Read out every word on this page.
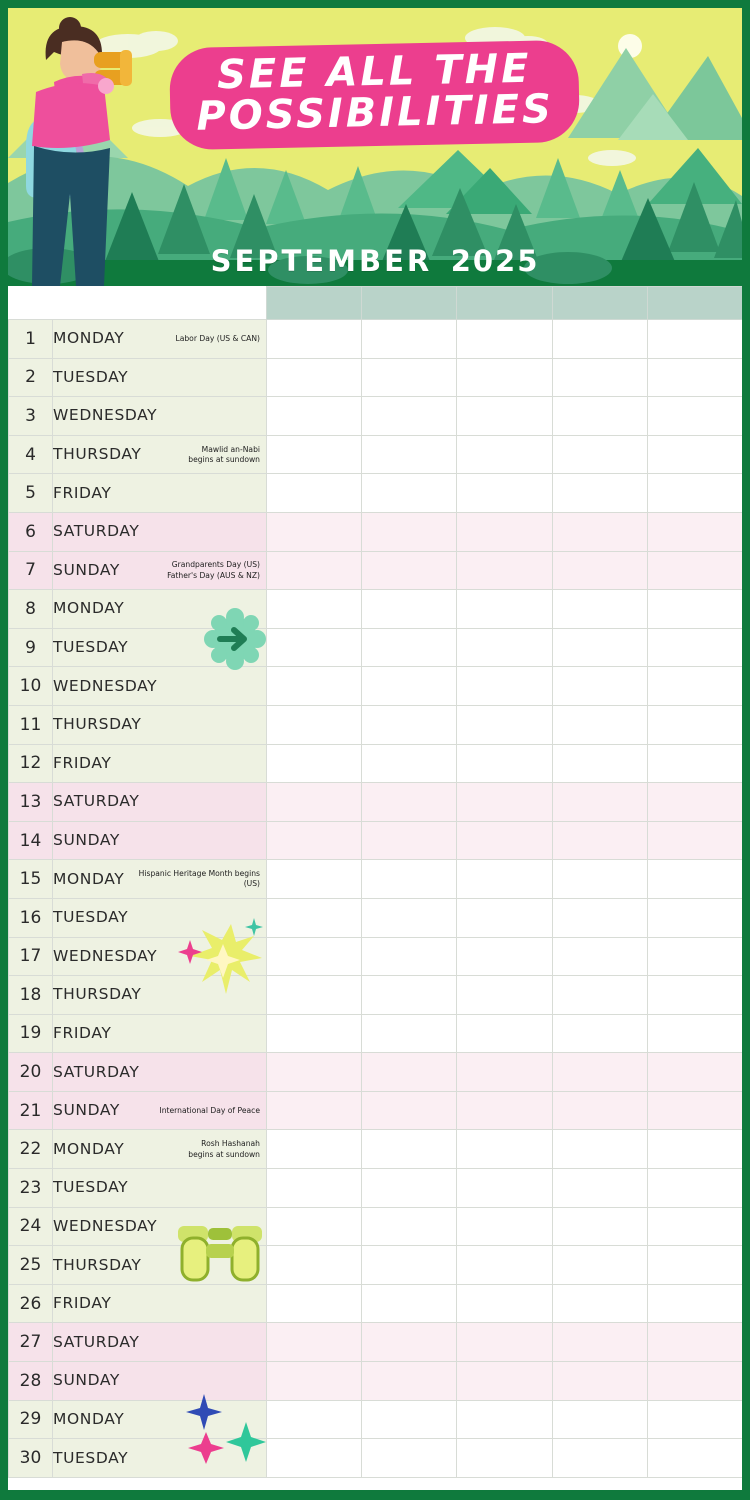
SEE ALL THE
POSSIBILITIES
SEPTEMBER 2025

1	MONDAY Labor Day (US & CAN)					

2	TUESDAY					
3	WEDNESDAY					
4	THURSDAY Mawlid an-Nabi
begins at sundown					

5	FRIDAY					
6	SATURDAY					
7	SUNDAY Grandparents Day (US)
Father's Day (AUS & NZ)					

8	MONDAY					
9	TUESDAY					
10	WEDNESDAY					
11	THURSDAY					
12	FRIDAY					
13	SATURDAY					
14	SUNDAY					
15	MONDAY Hispanic Heritage Month begins (US)					

16	TUESDAY					
17	WEDNESDAY					
18	THURSDAY					
19	FRIDAY					
20	SATURDAY					
21	SUNDAY International Day of Peace					

22	MONDAY Rosh Hashanah
begins at sundown					

23	TUESDAY					
24	WEDNESDAY					
25	THURSDAY					
26	FRIDAY					
27	SATURDAY					
28	SUNDAY					
29	MONDAY					
30	TUESDAY					
